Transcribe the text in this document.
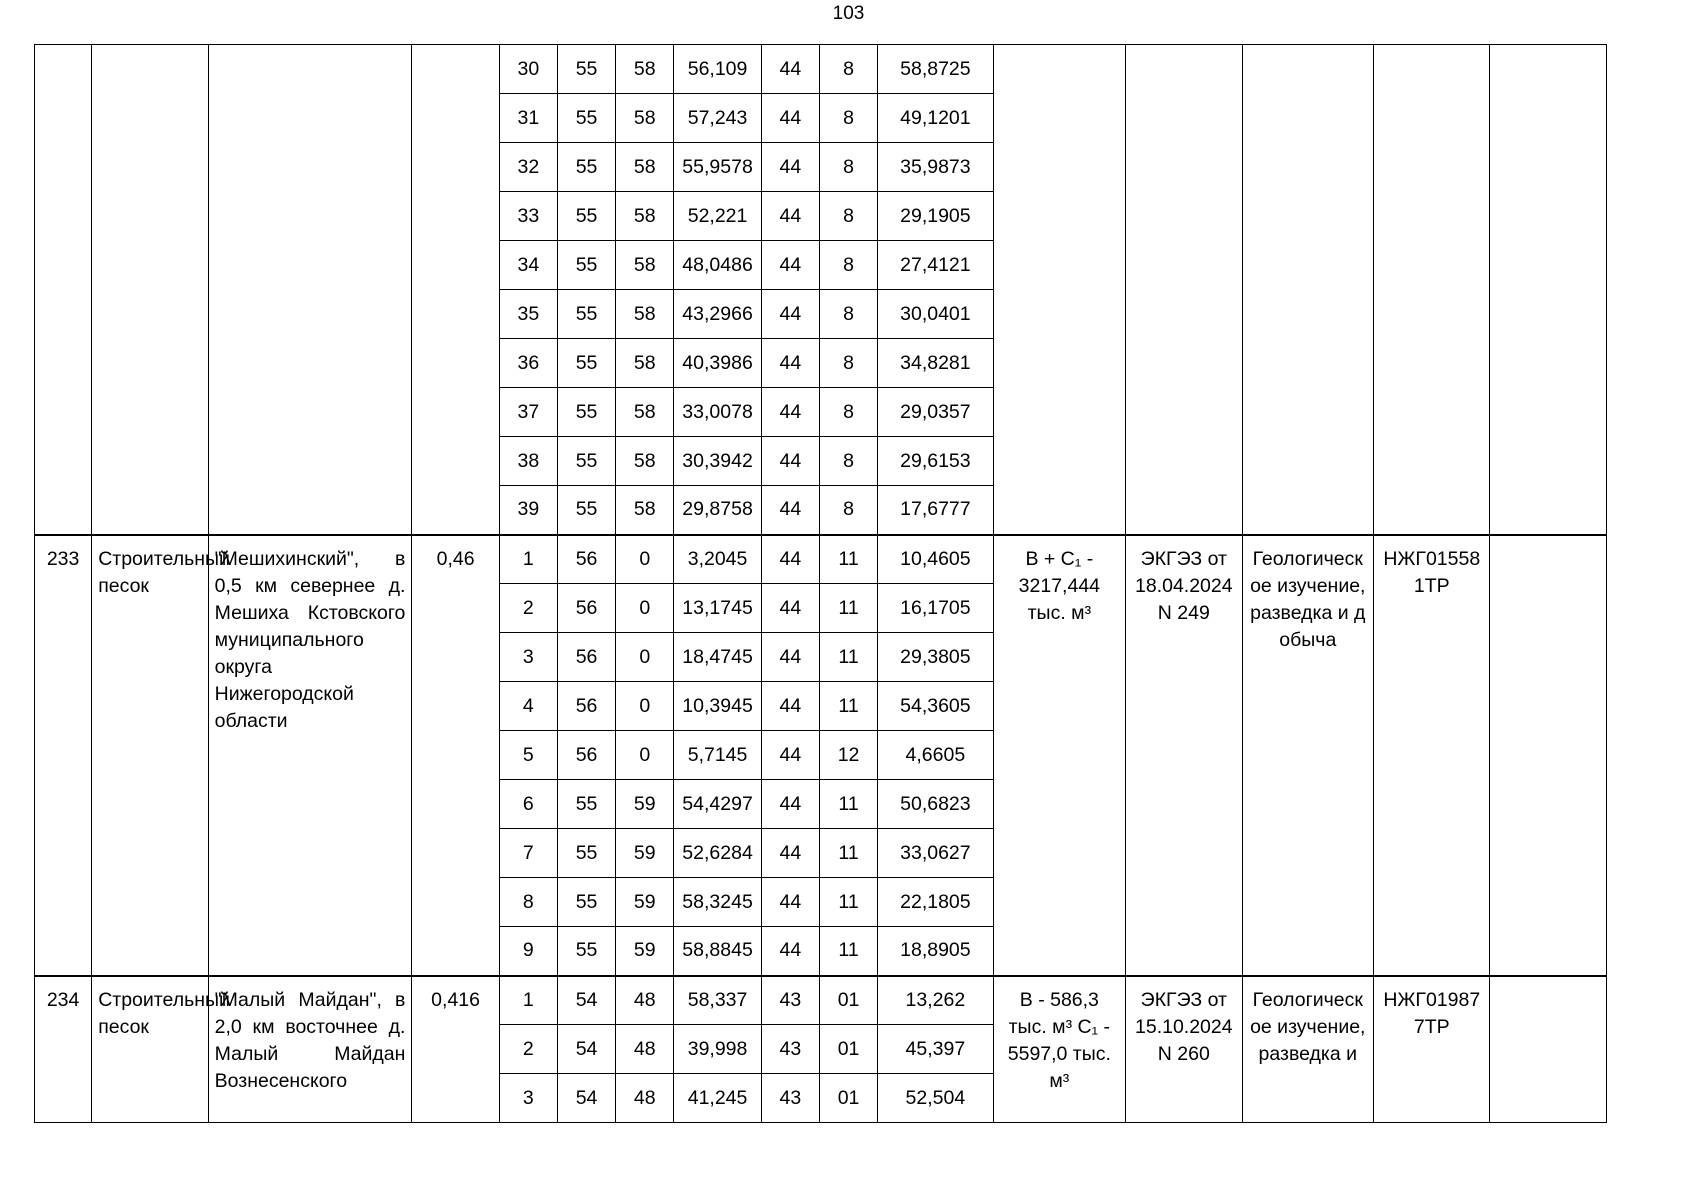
103
				30	55	58	56,109	44	8	58,8725					
				31	55	58	57,243	44	8	49,1201					
				32	55	58	55,9578	44	8	35,9873					
				33	55	58	52,221	44	8	29,1905					
				34	55	58	48,0486	44	8	27,4121					
				35	55	58	43,2966	44	8	30,0401					
				36	55	58	40,3986	44	8	34,8281					
				37	55	58	33,0078	44	8	29,0357					
				38	55	58	30,3942	44	8	29,6153					
				39	55	58	29,8758	44	8	17,6777					
233	Строительный песок	"Мешихинский", в 0,5 км севернее д. Мешиха Кстовского муниципального округа Нижегородской области	0,46	1	56	0	3,2045	44	11	10,4605	В + С₁ - 3217,444 тыс. м³	ЭКГЭЗ от 18.04.2024 N 249	Геологическое изучение, разведка и добыча	НЖГ015581ТР	
				2	56	0	13,1745	44	11	16,1705					
				3	56	0	18,4745	44	11	29,3805					
				4	56	0	10,3945	44	11	54,3605					
				5	56	0	5,7145	44	12	4,6605					
				6	55	59	54,4297	44	11	50,6823					
				7	55	59	52,6284	44	11	33,0627					
				8	55	59	58,3245	44	11	22,1805					
				9	55	59	58,8845	44	11	18,8905					
234	Строительный песок	"Малый Майдан", в 2,0 км восточнее д. Малый Майдан Вознесенского	0,416	1	54	48	58,337	43	01	13,262	В - 586,3 тыс. м³ С₁ - 5597,0 тыс. м³	ЭКГЭЗ от 15.10.2024 N 260	Геологическое изучение, разведка и	НЖГ019877ТР	
				2	54	48	39,998	43	01	45,397					
				3	54	48	41,245	43	01	52,504					
